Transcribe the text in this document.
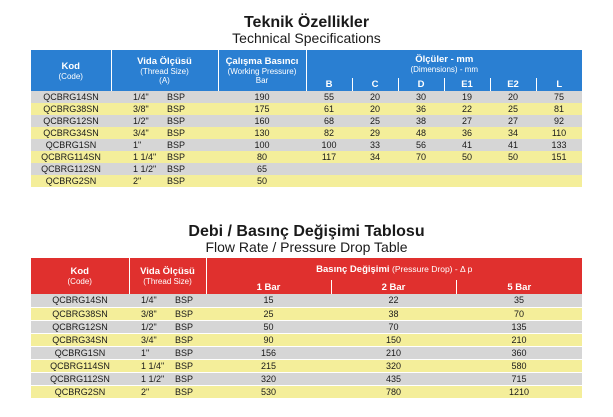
Teknik Özellikler
Technical Specifications
Kod
(Code)	Vida Ölçüsü
(Thread Size)
(A)	Çalışma Basıncı
(Working Pressure)
Bar	Ölçüler - mm
(Dimensions) - mm					

			B	C	D	E1	E2	L
QCBRG14SN	1/4" BSP	190	55	20	30	19	20	75
QCBRG38SN	3/8" BSP	175	61	20	36	22	25	81
QCBRG12SN	1/2" BSP	160	68	25	38	27	27	92
QCBRG34SN	3/4" BSP	130	82	29	48	36	34	110
QCBRG1SN	1" BSP	100	100	33	56	41	41	133
QCBRG114SN	1 1/4" BSP	80	117	34	70	50	50	151
QCBRG112SN	1 1/2" BSP	65						
QCBRG2SN	2" BSP	50						
Debi / Basınç Değişimi Tablosu
Flow Rate / Pressure Drop Table
Kod
(Code)	Vida Ölçüsü
(Thread Size)	Basınç Değişimi (Pressure Drop) - Δ p		
		1 Bar	2 Bar	5 Bar
QCBRG14SN	1/4" BSP	15	22	35
QCBRG38SN	3/8" BSP	25	38	70
QCBRG12SN	1/2" BSP	50	70	135
QCBRG34SN	3/4" BSP	90	150	210
QCBRG1SN	1" BSP	156	210	360
QCBRG114SN	1 1/4" BSP	215	320	580
QCBRG112SN	1 1/2" BSP	320	435	715
QCBRG2SN	2" BSP	530	780	1210
